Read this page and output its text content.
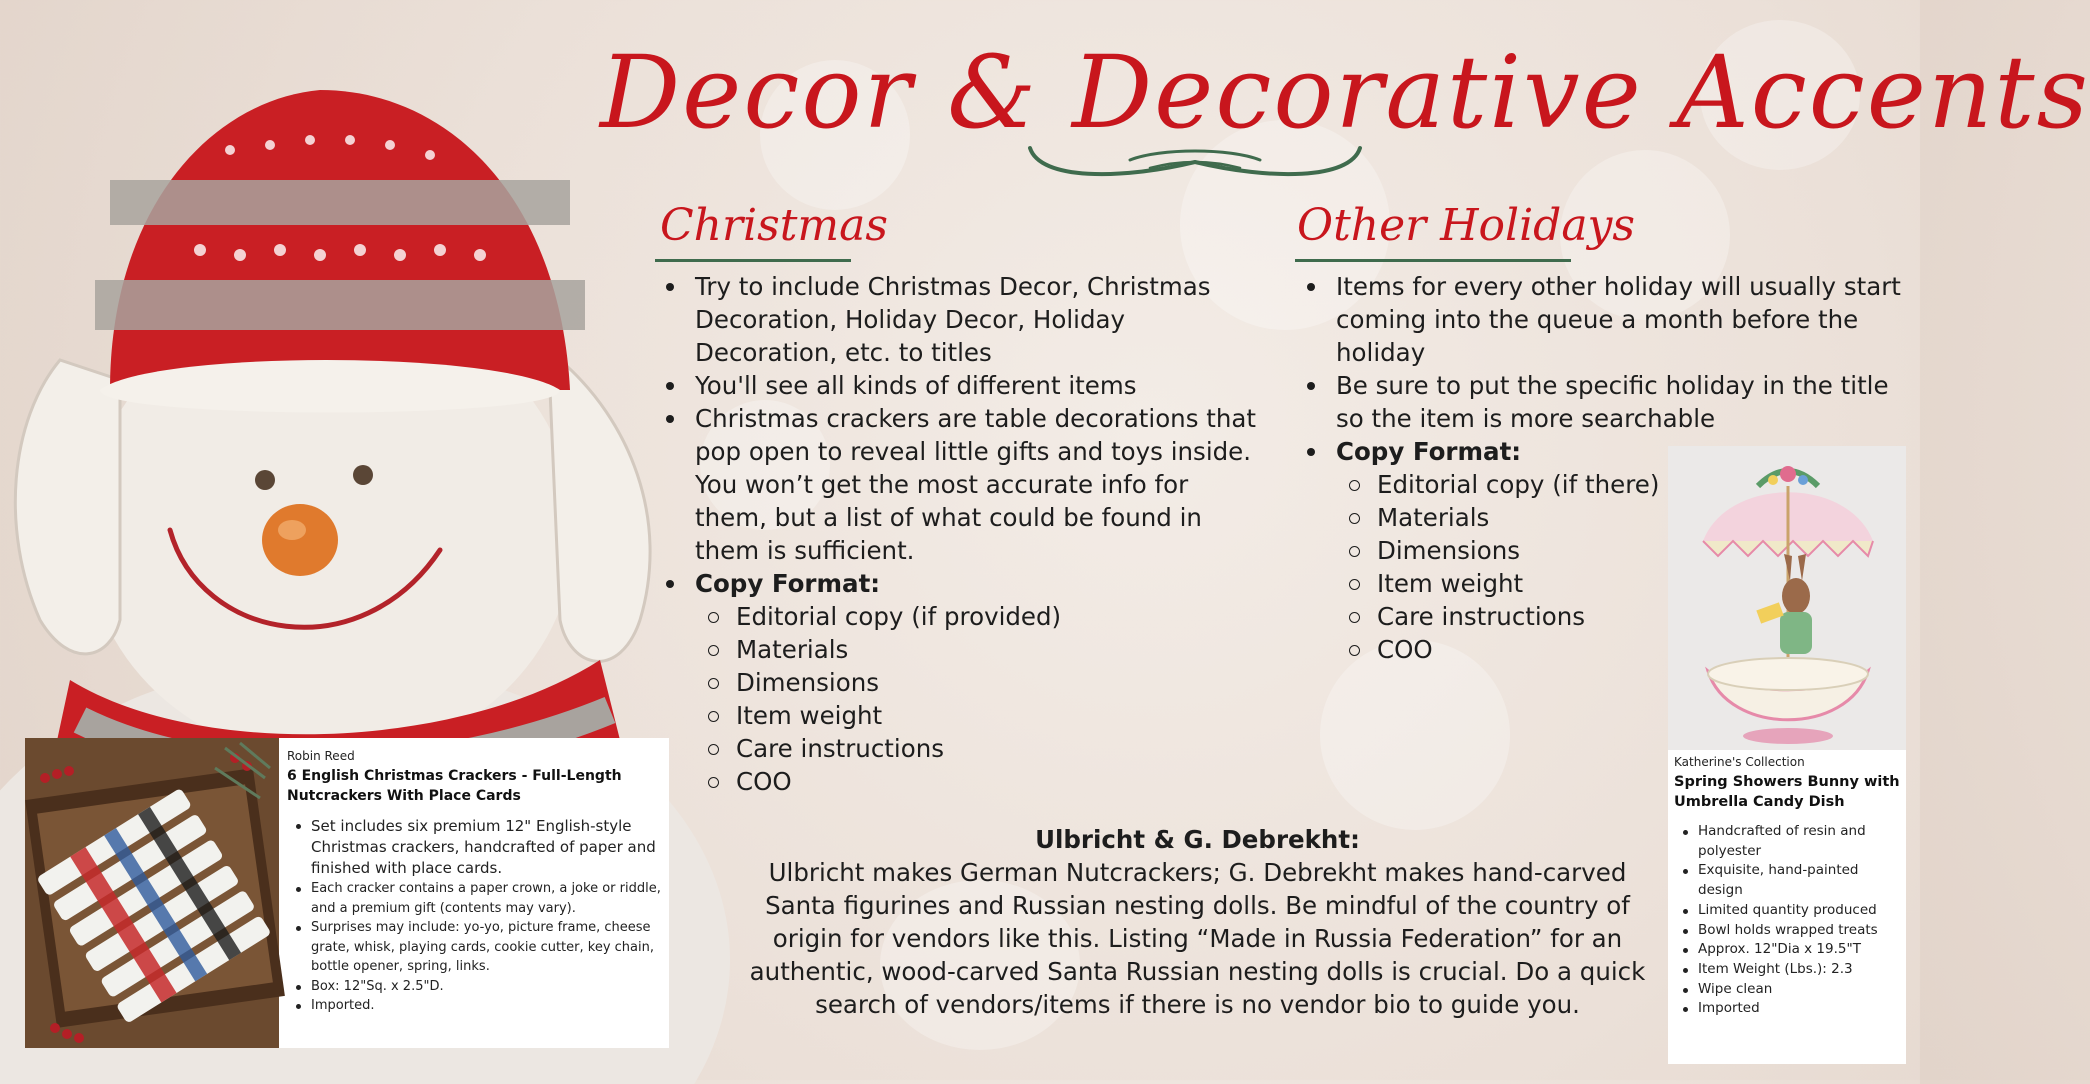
Decor & Decorative Accents
Christmas	Other Holidays
Try to include Christmas Decor, Christmas Decoration, Holiday Decor, Holiday Decoration, etc. to titles
You'll see all kinds of different items
Christmas crackers are table decorations that pop open to reveal little gifts and toys inside. You won’t get the most accurate info for them, but a list of what could be found in them is sufficient.
Copy Format:
Editorial copy (if provided)
Materials
Dimensions
Item weight
Care instructions
COO
Items for every other holiday will usually start coming into the queue a month before the holiday
Be sure to put the specific holiday in the title so the item is more searchable
Copy Format:
Editorial copy (if there)
Materials
Dimensions
Item weight
Care instructions
COO
Ulbricht & G. Debrekht:
Ulbricht makes German Nutcrackers; G. Debrekht makes hand-carved Santa figurines and Russian nesting dolls. Be mindful of the country of origin for vendors like this. Listing “Made in Russia Federation” for an authentic, wood-carved Santa Russian nesting dolls is crucial. Do a quick search of vendors/items if there is no vendor bio to guide you.
Robin Reed
6 English Christmas Crackers - Full-Length Nutcrackers With Place Cards
Set includes six premium 12" English-style Christmas crackers, handcrafted of paper and finished with place cards.
Each cracker contains a paper crown, a joke or riddle, and a premium gift (contents may vary).
Surprises may include: yo-yo, picture frame, cheese grate, whisk, playing cards, cookie cutter, key chain, bottle opener, spring, links.
Box: 12"Sq. x 2.5"D.
Imported.
Katherine's Collection
Spring Showers Bunny with Umbrella Candy Dish
Handcrafted of resin and polyester
Exquisite, hand-painted design
Limited quantity produced
Bowl holds wrapped treats
Approx. 12"Dia x 19.5"T
Item Weight (Lbs.): 2.3
Wipe clean
Imported
